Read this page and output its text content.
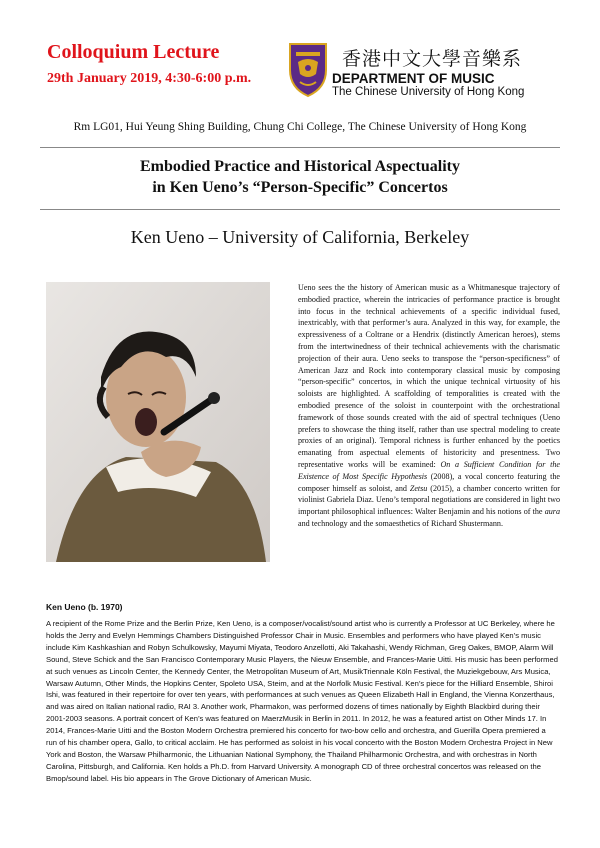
Colloquium Lecture
29th January 2019, 4:30-6:00 p.m.
香港中文大學音樂系
DEPARTMENT OF MUSIC
The Chinese University of Hong Kong
Rm LG01, Hui Yeung Shing Building, Chung Chi College, The Chinese University of Hong Kong
Embodied Practice and Historical Aspectuality
in Ken Ueno’s “Person-Specific” Concertos
Ken Ueno – University of California, Berkeley
Ueno sees the the history of American music as a Whitmanesque trajectory of embodied practice, wherein the intricacies of performance practice is brought into focus in the technical achievements of a specific individual fused, inextricably, with that performer’s aura. Analyzed in this way, for example, the expressiveness of a Coltrane or a Hendrix (distinctly American heroes), stems from the intertwinedness of their technical achievements with the charismatic projection of their aura. Ueno seeks to transpose the “person-specificness” of American Jazz and Rock into contemporary classical music by composing “person-specific” concertos, in which the unique technical virtuosity of his soloists are highlighted. A scaffolding of temporalities is created with the embodied presence of the soloist in counterpoint with the orchestrational framework of those sounds created with the aid of spectral techniques (Ueno prefers to showcase the thing itself, rather than use spectral modeling to create proxies of an original). Temporal richness is further enhanced by the poetics emanating from aspectual elements of historicity and presentness. Two representative works will be examined: On a Sufficient Condition for the Existence of Most Specific Hypothesis (2008), a vocal concerto featuring the composer himself as soloist, and Zetsu (2015), a chamber concerto written for violinist Gabriela Diaz. Ueno’s temporal negotiations are considered in light two important philosophical influences: Walter Benjamin and his notions of the aura and technology and the somaesthetics of Richard Shustermann.
Ken Ueno (b. 1970)
A recipient of the Rome Prize and the Berlin Prize, Ken Ueno, is a composer/vocalist/sound artist who is currently a Professor at UC Berkeley, where he holds the Jerry and Evelyn Hemmings Chambers Distinguished Professor Chair in Music. Ensembles and performers who have played Ken’s music include Kim Kashkashian and Robyn Schulkowsky, Mayumi Miyata, Teodoro Anzellotti, Aki Takahashi, Wendy Richman, Greg Oakes, BMOP, Alarm Will Sound, Steve Schick and the San Francisco Contemporary Music Players, the Nieuw Ensemble, and Frances-Marie Uitti. His music has been performed at such venues as Lincoln Center, the Kennedy Center, the Metropolitan Museum of Art, MusikTriennale Köln Festival, the Muziekgebouw, Ars Musica, Warsaw Autumn, Other Minds, the Hopkins Center, Spoleto USA, Steim, and at the Norfolk Music Festival. Ken’s piece for the Hilliard Ensemble, Shiroi Ishi, was featured in their repertoire for over ten years, with performances at such venues as Queen Elizabeth Hall in England, the Vienna Konzerthaus, and was aired on Italian national radio, RAI 3. Another work, Pharmakon, was performed dozens of times nationally by Eighth Blackbird during their 2001-2003 seasons. A portrait concert of Ken’s was featured on MaerzMusik in Berlin in 2011. In 2012, he was a featured artist on Other Minds 17. In 2014, Frances-Marie Uitti and the Boston Modern Orchestra premiered his concerto for two-bow cello and orchestra, and Guerilla Opera premiered a run of his chamber opera, Gallo, to critical acclaim. He has performed as soloist in his vocal concerto with the Boston Modern Orchestra Project in New York and Boston, the Warsaw Philharmonic, the Lithuanian National Symphony, the Thailand Philharmonic Orchestra, and with orchestras in North Carolina, Pittsburgh, and California. Ken holds a Ph.D. from Harvard University. A monograph CD of three orchestral concertos was released on the Bmop/sound label. His bio appears in The Grove Dictionary of American Music.
